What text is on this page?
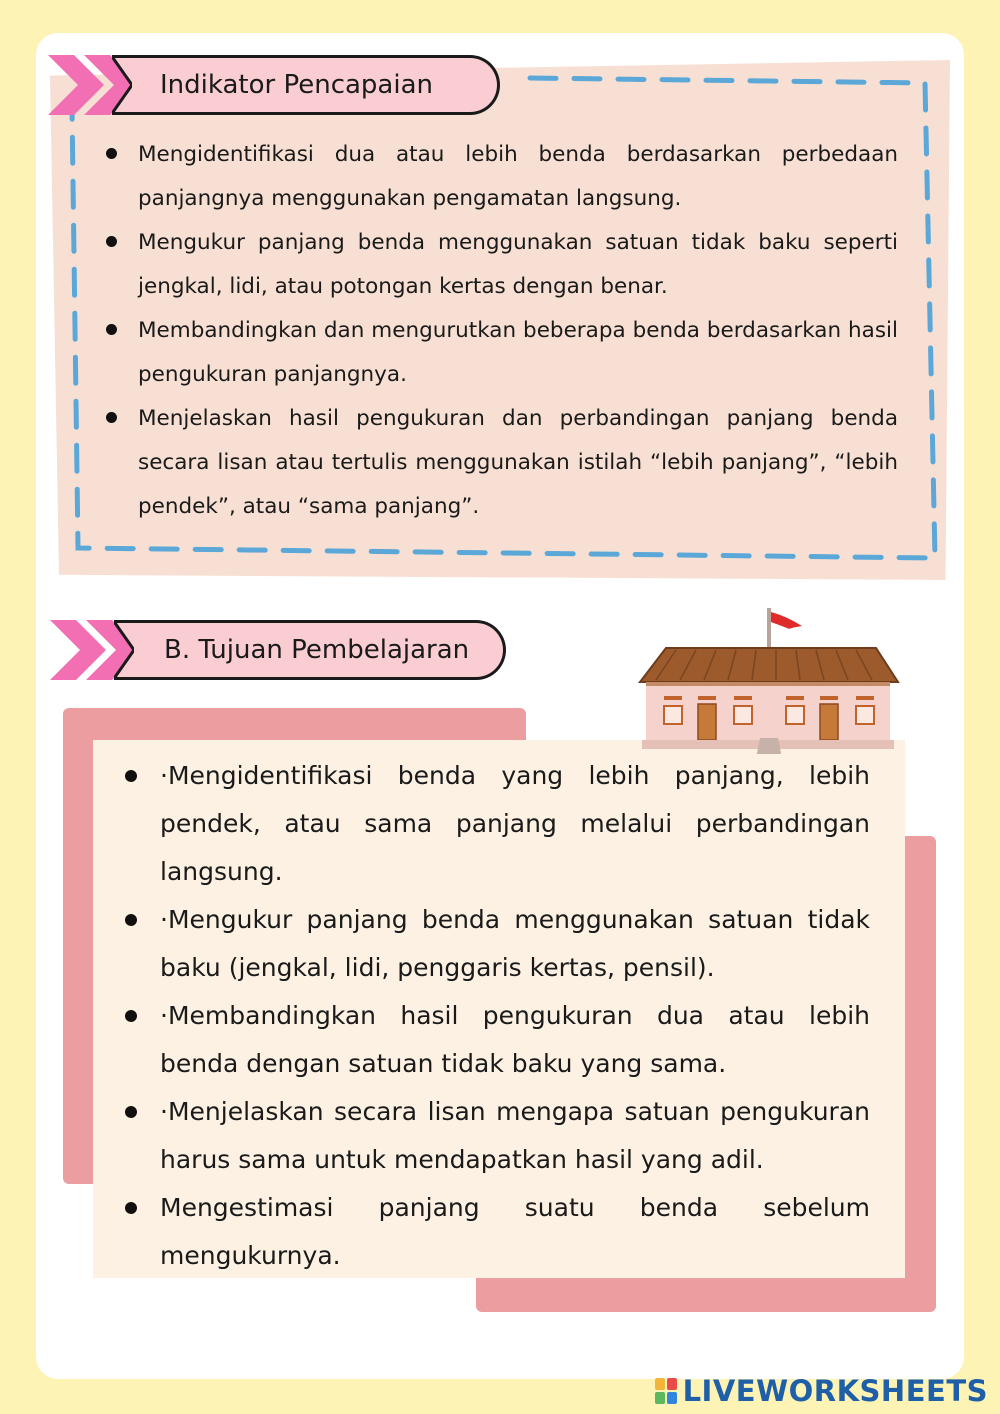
Indikator Pencapaian
Mengidentifikasi dua atau lebih benda berdasarkan perbedaan panjangnya menggunakan pengamatan langsung.
Mengukur panjang benda menggunakan satuan tidak baku seperti jengkal, lidi, atau potongan kertas dengan benar.
Membandingkan dan mengurutkan beberapa benda berdasarkan hasil pengukuran panjangnya.
Menjelaskan hasil pengukuran dan perbandingan panjang benda secara lisan atau tertulis menggunakan istilah “lebih panjang”, “lebih pendek”, atau “sama panjang”.
B. Tujuan Pembelajaran
·Mengidentifikasi benda yang lebih panjang, lebih pendek, atau sama panjang melalui perbandingan langsung.
·Mengukur panjang benda menggunakan satuan tidak baku (jengkal, lidi, penggaris kertas, pensil).
·Membandingkan hasil pengukuran dua atau lebih benda dengan satuan tidak baku yang sama.
·Menjelaskan secara lisan mengapa satuan pengukuran harus sama untuk mendapatkan hasil yang adil.
Mengestimasi panjang suatu benda sebelum mengukurnya.
LIVEWORKSHEETS
